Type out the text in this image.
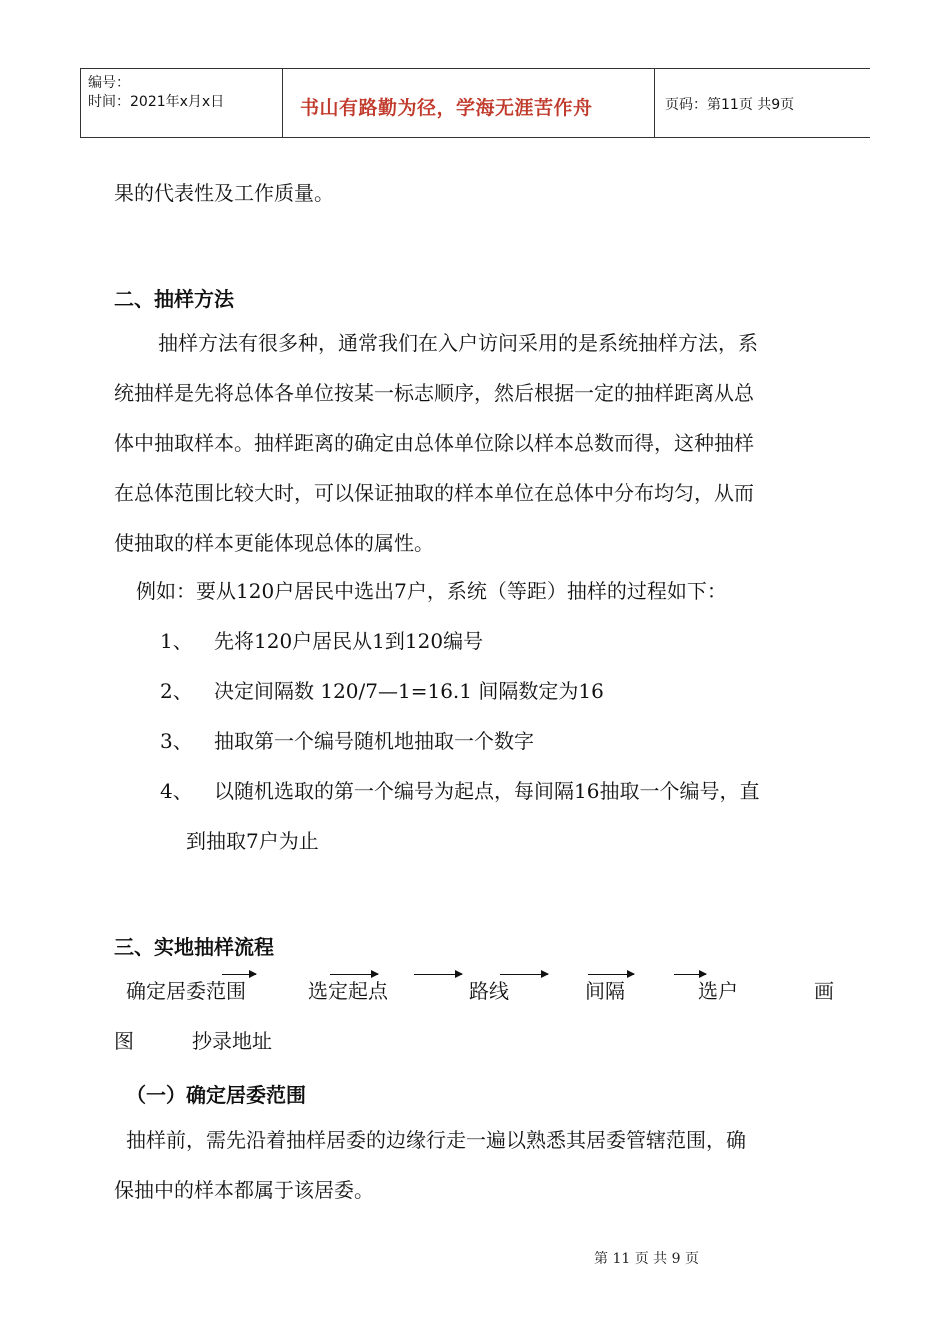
编号：
时间：2021年x月x日	书山有路勤为径，学海无涯苦作舟	页码：第11页 共9页
果的代表性及工作质量。
二、抽样方法
抽样方法有很多种，通常我们在入户访问采用的是系统抽样方法，系
统抽样是先将总体各单位按某一标志顺序，然后根据一定的抽样距离从总
体中抽取样本。抽样距离的确定由总体单位除以样本总数而得，这种抽样
在总体范围比较大时，可以保证抽取的样本单位在总体中分布均匀，从而
使抽取的样本更能体现总体的属性。
例如：要从120户居民中选出7户，系统（等距）抽样的过程如下：
1、 先将120户居民从1到120编号
2、 决定间隔数 120/7—1=16.1 间隔数定为16
3、 抽取第一个编号随机地抽取一个数字
4、 以随机选取的第一个编号为起点，每间隔16抽取一个编号，直
到抽取7户为止
三、实地抽样流程
确定居委范围	选定起点	路线	间隔	选户	画
图	抄录地址
（一）确定居委范围
抽样前，需先沿着抽样居委的边缘行走一遍以熟悉其居委管辖范围，确
保抽中的样本都属于该居委。
第 11 页 共 9 页
